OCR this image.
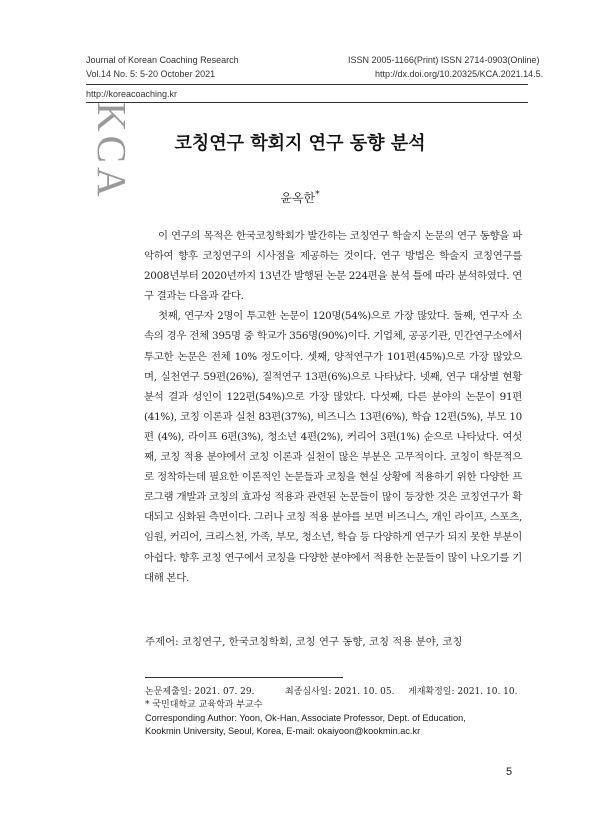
Journal of Korean Coaching Research	ISSN 2005-1166(Print) ISSN 2714-0903(Online)
Vol.14 No. 5: 5-20 October 2021	http://dx.doi.org/10.20325/KCA.2021.14.5.
http://koreacoaching.kr
KCA	코칭연구 학회지 연구 동향 분석
윤옥한*

이 연구의 목적은 한국코칭학회가 발간하는 코칭연구 학술지 논문의 연구 동향을 파악하여 향후 코칭연구의 시사점을 제공하는 것이다. 연구 방법은 학술지 코칭연구를 2008년부터 2020년까지 13년간 발행된 논문 224편을 분석 틀에 따라 분석하였다. 연구 결과는 다음과 같다.

첫째, 연구자 2명이 투고한 논문이 120명(54%)으로 가장 많았다. 둘째, 연구자 소속의 경우 전체 395명 중 학교가 356명(90%)이다. 기업체, 공공기관, 민간연구소에서 투고한 논문은 전체 10% 정도이다. 셋째, 양적연구가 101편(45%)으로 가장 많았으며, 실천연구 59편(26%), 질적연구 13편(6%)으로 나타났다. 넷째, 연구 대상별 현황 분석 결과 성인이 122편(54%)으로 가장 많았다. 다섯째, 다른 분야의 논문이 91편(41%), 코칭 이론과 실천 83편(37%), 비즈니스 13편(6%), 학습 12편(5%), 부모 10편 (4%), 라이프 6편(3%), 청소년 4편(2%), 커리어 3편(1%) 순으로 나타났다. 여섯째, 코칭 적용 분야에서 코칭 이론과 실천이 많은 부분은 고무적이다. 코칭이 학문적으로 정착하는데 필요한 이론적인 논문들과 코칭을 현실 상황에 적용하기 위한 다양한 프로그램 개발과 코칭의 효과성 적용과 관련된 논문들이 많이 등장한 것은 코칭연구가 확대되고 심화된 측면이다. 그러나 코칭 적용 분야를 보면 비즈니스, 개인 라이프, 스포츠, 임원, 커리어, 크리스천, 가족, 부모, 청소년, 학습 등 다양하게 연구가 되지 못한 부분이 아쉽다. 향후 코칭 연구에서 코칭을 다양한 분야에서 적용한 논문들이 많이 나오기를 기대해 본다.

주제어: 코칭연구, 한국코칭학회, 코칭 연구 동향, 코칭 적용 분야, 코칭
논문제출일: 2021. 07. 29.	최종심사일: 2021. 10. 05. 게재확정일: 2021. 10. 10.
* 국민대학교 교육학과 부교수
Corresponding Author: Yoon, Ok-Han, Associate Professor, Dept. of Education,
Kookmin University, Seoul, Korea, E-mail: okaiyoon@kookmin.ac.kr
5
